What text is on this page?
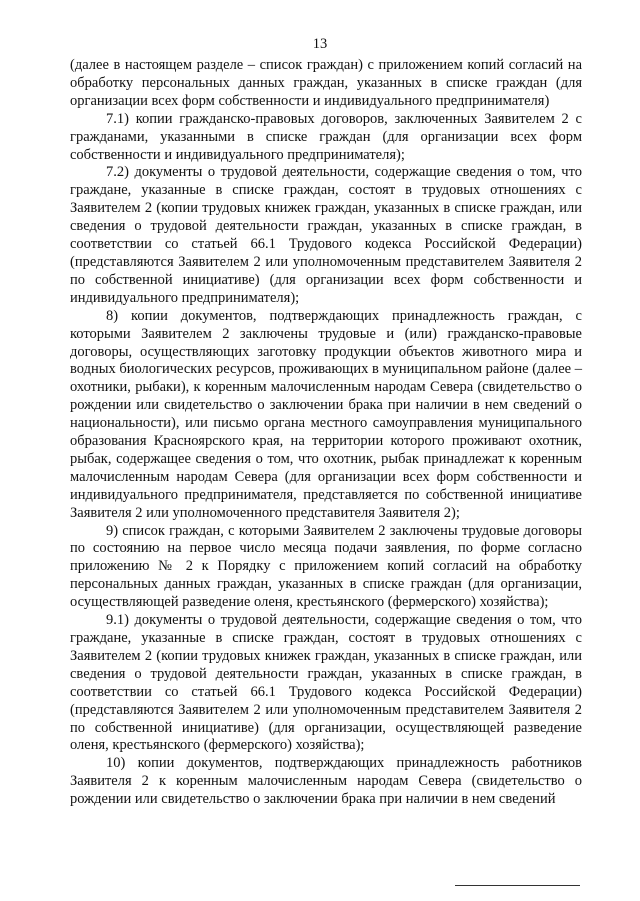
13

(далее в настоящем разделе – список граждан) с приложением копий согласий на обработку персональных данных граждан, указанных в списке граждан (для организации всех форм собственности и индивидуального предпринимателя)

7.1) копии гражданско-правовых договоров, заключенных Заявителем 2 с гражданами, указанными в списке граждан (для организации всех форм собственности и индивидуального предпринимателя);

7.2) документы о трудовой деятельности, содержащие сведения о том, что граждане, указанные в списке граждан, состоят в трудовых отношениях с Заявителем 2 (копии трудовых книжек граждан, указанных в списке граждан, или сведения о трудовой деятельности граждан, указанных в списке граждан, в соответствии со статьей 66.1 Трудового кодекса Российской Федерации) (представляются Заявителем 2 или уполномоченным представителем Заявителя 2 по собственной инициативе) (для организации всех форм собственности и индивидуального предпринимателя);

8) копии документов, подтверждающих принадлежность граждан, с которыми Заявителем 2 заключены трудовые и (или) гражданско-правовые договоры, осуществляющих заготовку продукции объектов животного мира и водных биологических ресурсов, проживающих в муниципальном районе (далее – охотники, рыбаки), к коренным малочисленным народам Севера (свидетельство о рождении или свидетельство о заключении брака при наличии в нем сведений о национальности), или письмо органа местного самоуправления муниципального образования Красноярского края, на территории которого проживают охотник, рыбак, содержащее сведения о том, что охотник, рыбак принадлежат к коренным малочисленным народам Севера (для организации всех форм собственности и индивидуального предпринимателя, представляется по собственной инициативе Заявителя 2 или уполномоченного представителя Заявителя 2);

9) список граждан, с которыми Заявителем 2 заключены трудовые договоры по состоянию на первое число месяца подачи заявления, по форме согласно приложению № 2 к Порядку с приложением копий согласий на обработку персональных данных граждан, указанных в списке граждан (для организации, осуществляющей разведение оленя, крестьянского (фермерского) хозяйства);

9.1) документы о трудовой деятельности, содержащие сведения о том, что граждане, указанные в списке граждан, состоят в трудовых отношениях с Заявителем 2 (копии трудовых книжек граждан, указанных в списке граждан, или сведения о трудовой деятельности граждан, указанных в списке граждан, в соответствии со статьей 66.1 Трудового кодекса Российской Федерации) (представляются Заявителем 2 или уполномоченным представителем Заявителя 2 по собственной инициативе) (для организации, осуществляющей разведение оленя, крестьянского (фермерского) хозяйства);

10) копии документов, подтверждающих принадлежность работников Заявителя 2 к коренным малочисленным народам Севера (свидетельство о рождении или свидетельство о заключении брака при наличии в нем сведений
